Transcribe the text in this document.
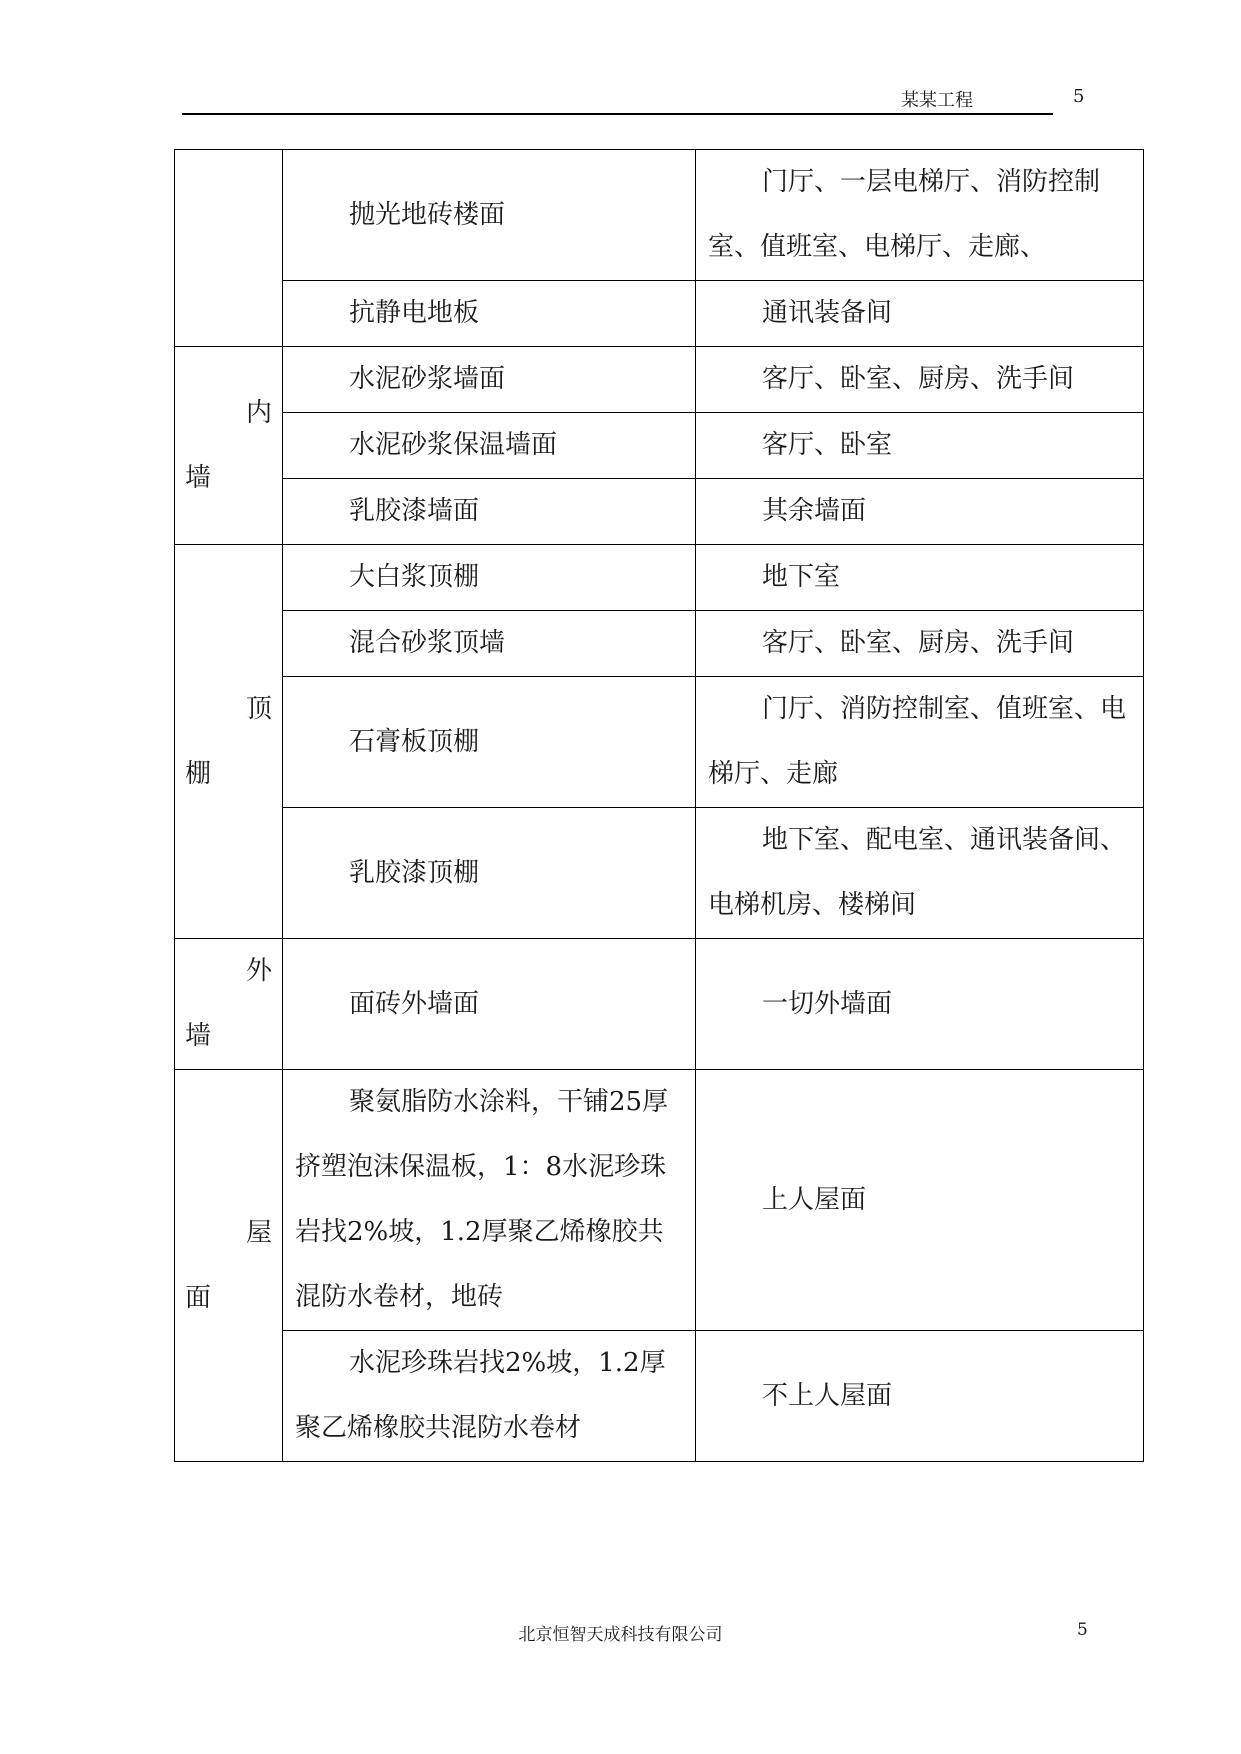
某某工程	5
	抛光地砖楼面	门厅、一层电梯厅、消防控制室、值班室、电梯厅、走廊、
	抗静电地板	通讯装备间

内
墙	水泥砂浆墙面	客厅、卧室、厨房、洗手间
	水泥砂浆保温墙面	客厅、卧室
	乳胶漆墙面	其余墙面

顶
棚	大白浆顶棚	地下室
	混合砂浆顶墙	客厅、卧室、厨房、洗手间
	石膏板顶棚	门厅、消防控制室、值班室、电梯厅、走廊
	乳胶漆顶棚	地下室、配电室、通讯装备间、电梯机房、楼梯间

外
墙	面砖外墙面	一切外墙面

屋
面	聚氨脂防水涂料，干铺25厚挤塑泡沫保温板，1：8水泥珍珠岩找2%坡，1.2厚聚乙烯橡胶共混防水卷材，地砖	上人屋面
	水泥珍珠岩找2%坡，1.2厚聚乙烯橡胶共混防水卷材	不上人屋面
北京恒智天成科技有限公司	5
